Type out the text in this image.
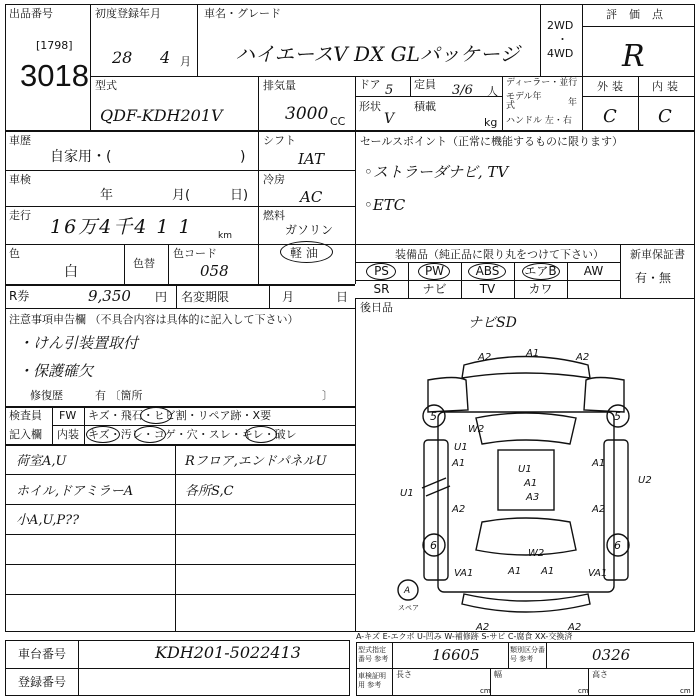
出品番号
[1798]
3018
初度登録年月
28 4 月
車名・グレード
ハイエースV DX GLパッケージ
2WD
・
4WD
評価点
R
型式
QDF-KDH201V
排気量
3000 CC
ドア 5 定員 3/6 人
形状
V
積載
kg
ディーラー・並行
モデル年式	年
ハンドル 左・右
外装 内装
C C
車歴
自家用・(	)
車検
年	月(	日)
走行
16万4千4 1 1	km
色
白
色替
色コード
058
シフト
IAT
冷房
AC
燃料
ガソリン
軽 油
セールスポイント（正常に機能するものに限ります）
◦ストラーダナビ, TV
◦ETC
装備品（純正品に限り丸をつけて下さい） 新車保証書
有・無
PS	PW	ABS	エアB	AW
SR	ナビ	TV	カワ
後日品
ナビSD
R券	9,350 円 名変期限	月	日
注意事項申告欄 （不具合内容は具体的に記入して下さい）
・けん引装置取付
・保護確欠
修復歴	有 〔箇所	〕
検査員
記入欄
FW キズ・飛石・ヒビ割・リペア跡・X要
内装 キズ・汚レ・コゲ・穴・スレ・キレ・破レ
荷室A,U	Rフロア,エンドパネルU
ホイル,ドアミラーA	各所S,C
小A,U,P??
A2	A1	A2
W2
U1
A1	A1
U1
A1
A3
U2
U1
A2	A2
W2
VA1	A1 A1	VA1
A2	A2
5	5
6	6
A
スペア
A-キズ E-エクボ U-凹み W-補修跡 S-サビ C-腐食 XX-交換済
車台番号	KDH201-5022413
登録番号
型式指定番号 参考	16605	類別区分番号 参考	0326
車検証明用 参考
長さ
cm
幅
cm
高さ
cm
